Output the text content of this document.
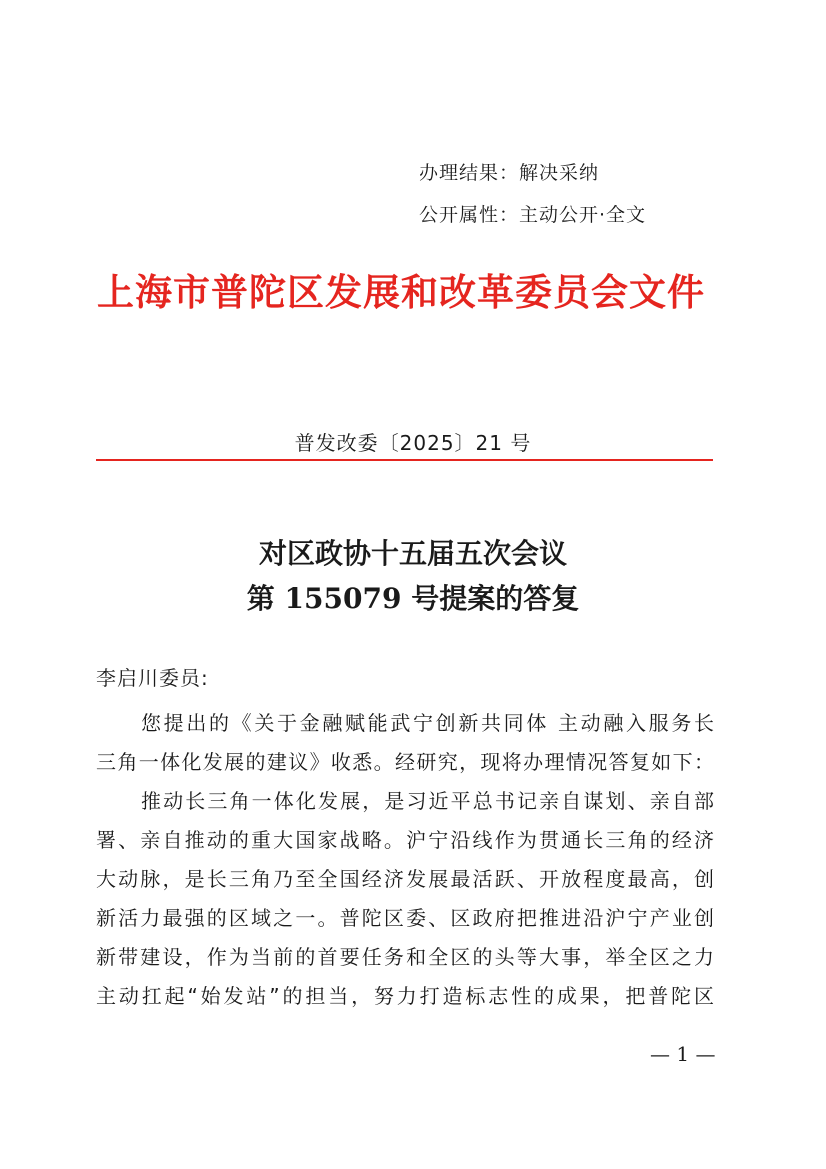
办理结果：解决采纳
公开属性：主动公开·全文
上海市普陀区发展和改革委员会文件
普发改委〔2025〕21 号
对区政协十五届五次会议
第 155079 号提案的答复
李启川委员:
您提出的《关于金融赋能武宁创新共同体 主动融入服务长
三角一体化发展的建议》收悉。经研究，现将办理情况答复如下：
推动长三角一体化发展，是习近平总书记亲自谋划、亲自部
署、亲自推动的重大国家战略。沪宁沿线作为贯通长三角的经济
大动脉，是长三角乃至全国经济发展最活跃、开放程度最高，创
新活力最强的区域之一。普陀区委、区政府把推进沿沪宁产业创
新带建设，作为当前的首要任务和全区的头等大事，举全区之力
主动扛起“始发站”的担当，努力打造标志性的成果，把普陀区
— 1 —
